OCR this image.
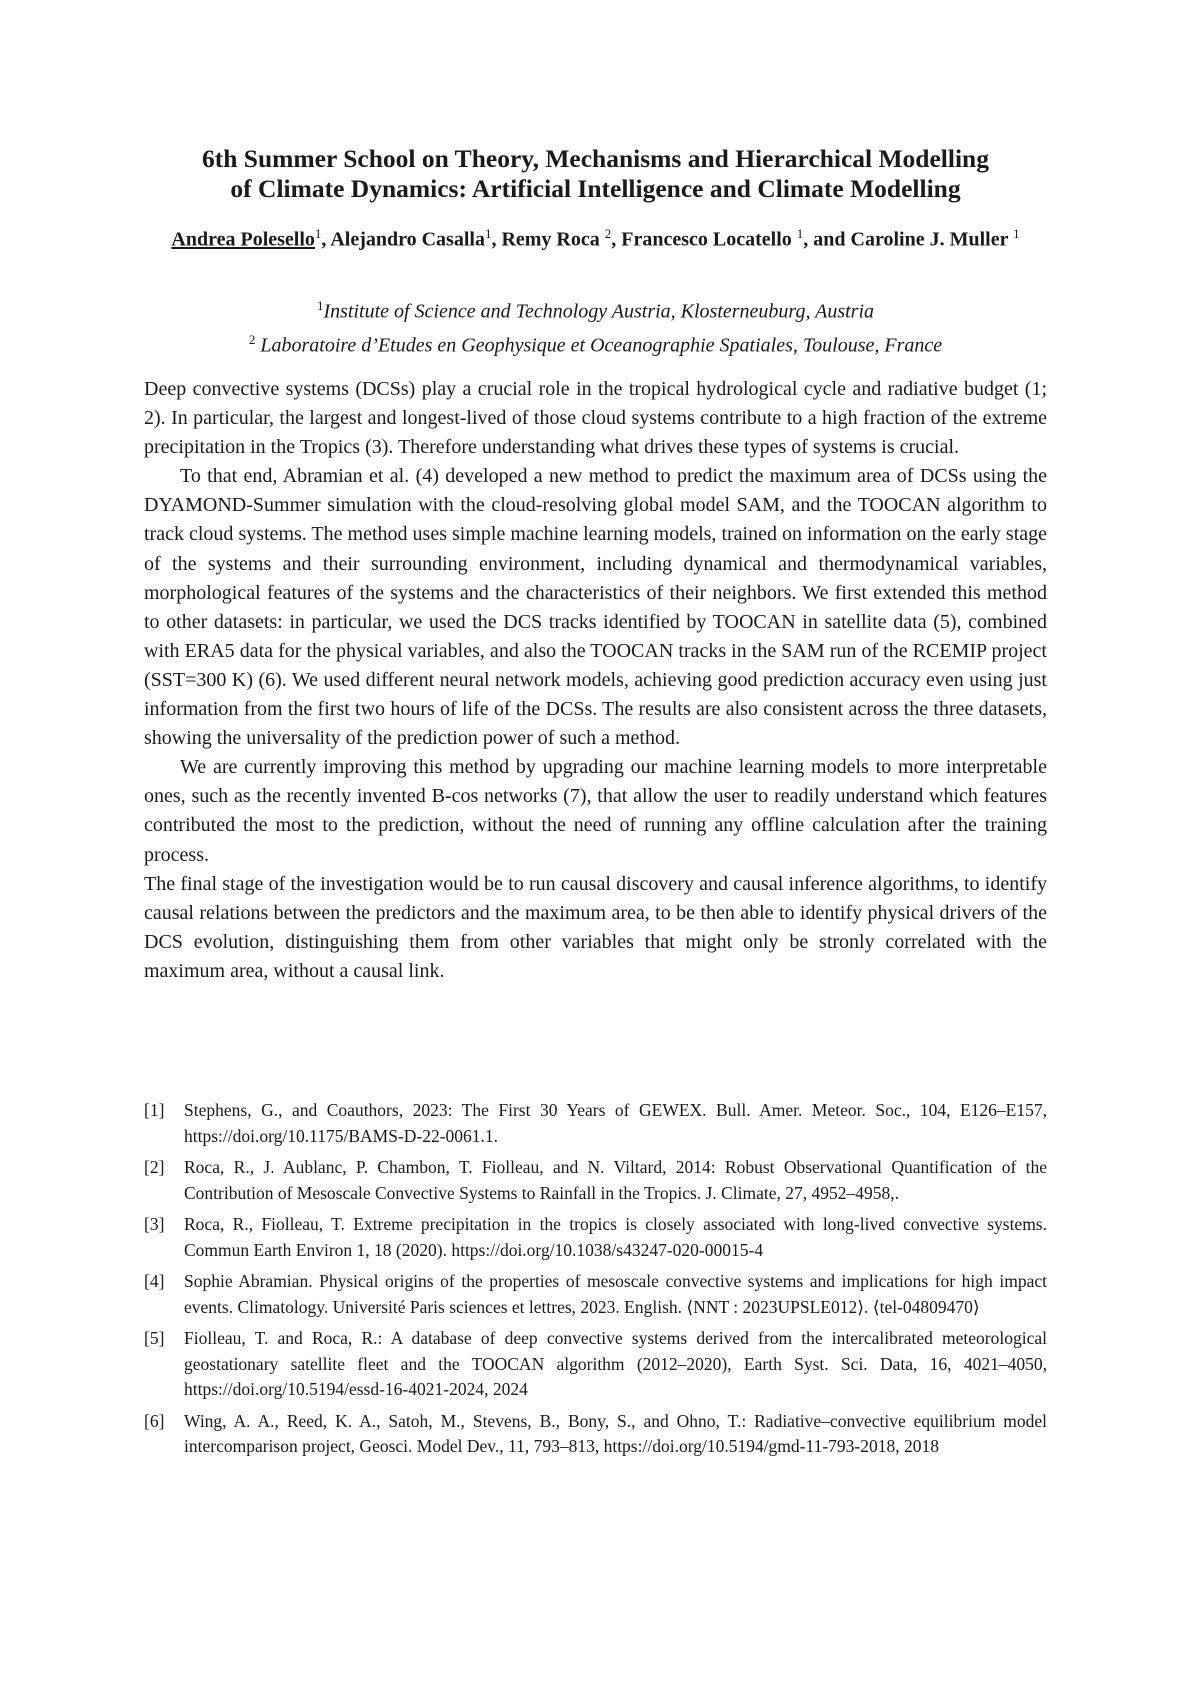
6th Summer School on Theory, Mechanisms and Hierarchical Modelling
of Climate Dynamics: Artificial Intelligence and Climate Modelling
Andrea Polesello$^1$, Alejandro Casalla$^1$, Remy Roca $^2$, Francesco Locatello $^1$, and Caroline J. Muller $^1$
$^1$Institute of Science and Technology Austria, Klosterneuburg, Austria
$^2$ Laboratoire d’Etudes en Geophysique et Oceanographie Spatiales, Toulouse, France

Deep convective systems (DCSs) play a crucial role in the tropical hydrological cycle and radiative budget (1; 2). In particular, the largest and longest-lived of those cloud systems contribute to a high fraction of the extreme precipitation in the Tropics (3). Therefore understanding what drives these types of systems is crucial.

To that end, Abramian et al. (4) developed a new method to predict the maximum area of DCSs using the DYAMOND-Summer simulation with the cloud-resolving global model SAM, and the TOOCAN algorithm to track cloud systems. The method uses simple machine learning models, trained on information on the early stage of the systems and their surrounding environment, including dynamical and thermodynamical variables, morphological features of the systems and the characteristics of their neighbors. We first extended this method to other datasets: in particular, we used the DCS tracks identified by TOOCAN in satellite data (5), combined with ERA5 data for the physical variables, and also the TOOCAN tracks in the SAM run of the RCEMIP project (SST=300 K) (6). We used different neural network models, achieving good prediction accuracy even using just information from the first two hours of life of the DCSs. The results are also consistent across the three datasets, showing the universality of the prediction power of such a method.

We are currently improving this method by upgrading our machine learning models to more interpretable ones, such as the recently invented B-cos networks (7), that allow the user to readily understand which features contributed the most to the prediction, without the need of running any offline calculation after the training process.

The final stage of the investigation would be to run causal discovery and causal inference algorithms, to identify causal relations between the predictors and the maximum area, to be then able to identify physical drivers of the DCS evolution, distinguishing them from other variables that might only be stronly correlated with the maximum area, without a causal link.

[1] Stephens, G., and Coauthors, 2023: The First 30 Years of GEWEX. Bull. Amer. Meteor. Soc., 104, E126–E157, https://doi.org/10.1175/BAMS-D-22-0061.1.
[2] Roca, R., J. Aublanc, P. Chambon, T. Fiolleau, and N. Viltard, 2014: Robust Observational Quantification of the Contribution of Mesoscale Convective Systems to Rainfall in the Tropics. J. Climate, 27, 4952–4958,.
[3] Roca, R., Fiolleau, T. Extreme precipitation in the tropics is closely associated with long-lived convective systems. Commun Earth Environ 1, 18 (2020). https://doi.org/10.1038/s43247-020-00015-4
[4] Sophie Abramian. Physical origins of the properties of mesoscale convective systems and implications for high impact events. Climatology. Université Paris sciences et lettres, 2023. English. ⟨NNT : 2023UPSLE012⟩. ⟨tel-04809470⟩
[5] Fiolleau, T. and Roca, R.: A database of deep convective systems derived from the intercalibrated meteorological geostationary satellite fleet and the TOOCAN algorithm (2012–2020), Earth Syst. Sci. Data, 16, 4021–4050, https://doi.org/10.5194/essd-16-4021-2024, 2024
[6] Wing, A. A., Reed, K. A., Satoh, M., Stevens, B., Bony, S., and Ohno, T.: Radiative–convective equilibrium model intercomparison project, Geosci. Model Dev., 11, 793–813, https://doi.org/10.5194/gmd-11-793-2018, 2018
